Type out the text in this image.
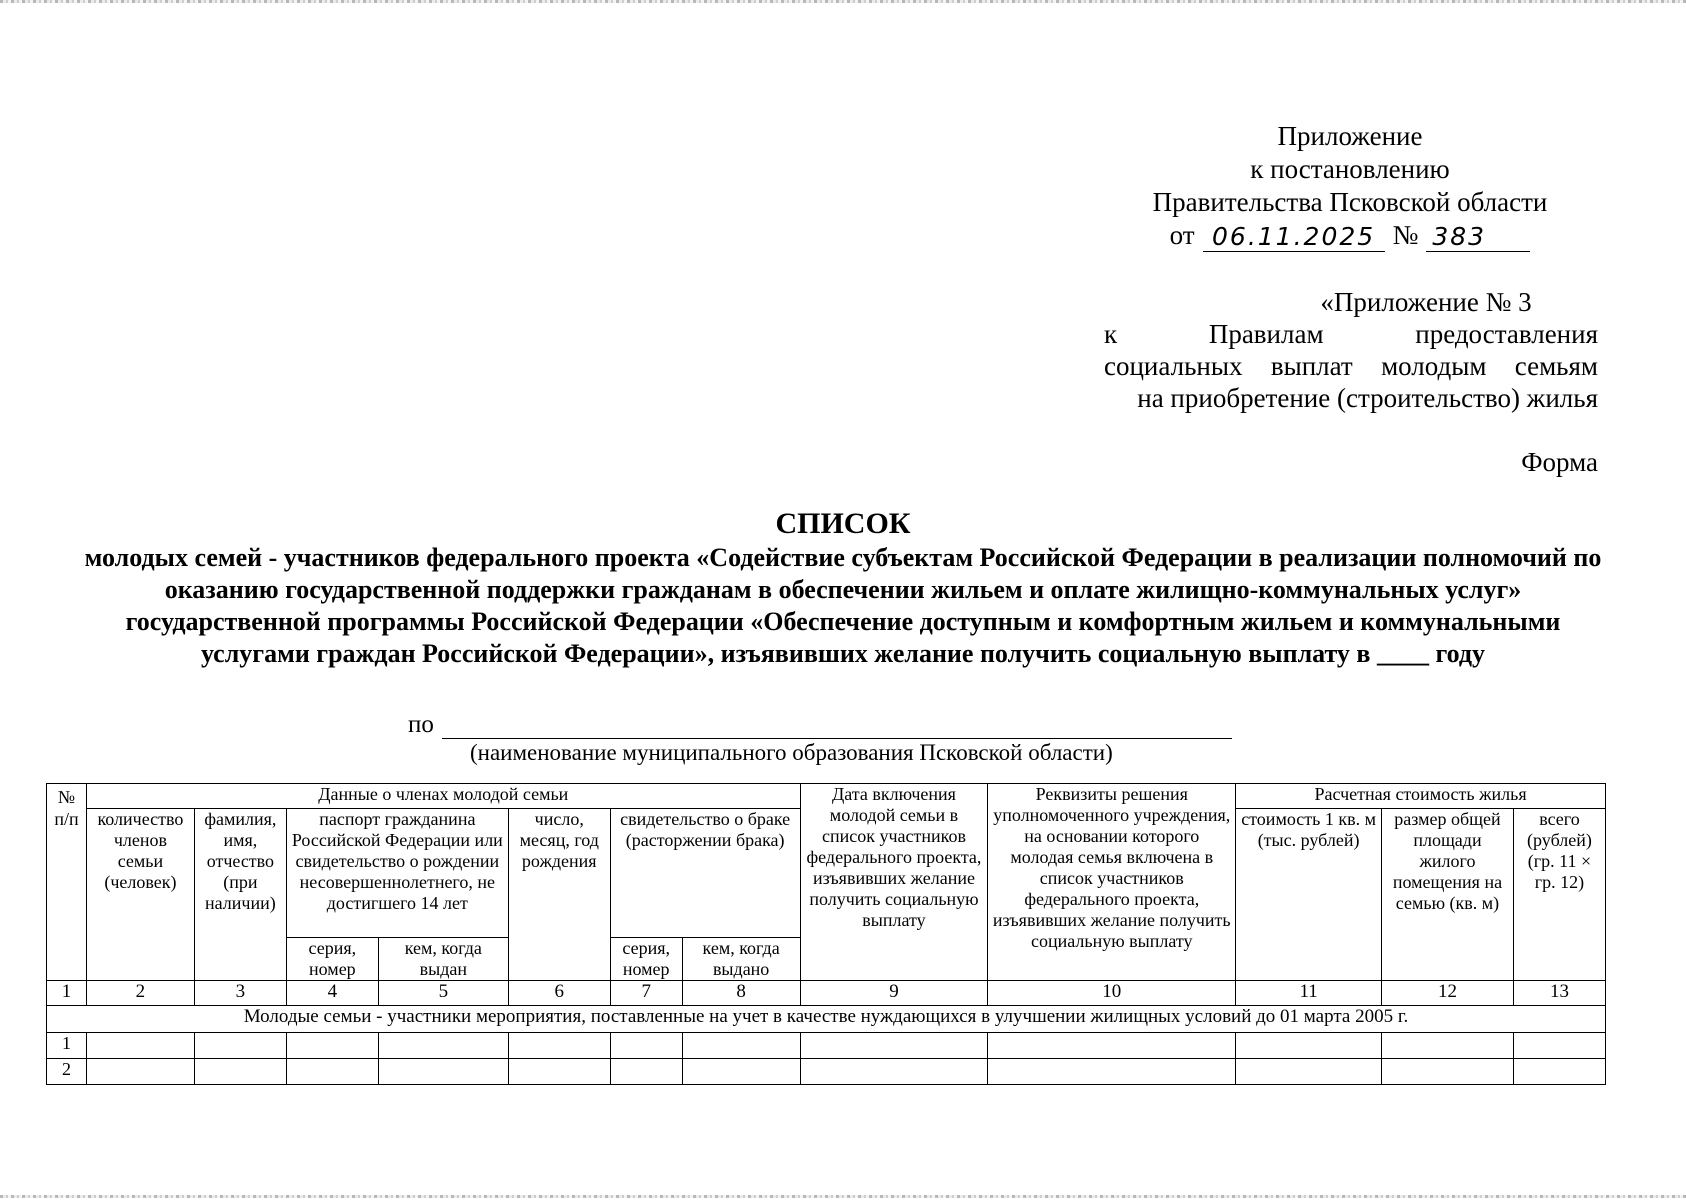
Приложение
к постановлению
Правительства Псковской области
от 06.11.2025 № 383
«Приложение № 3
к Правилам предоставления
социальных выплат молодым семьям
на приобретение (строительство) жилья
Форма
СПИСОК
молодых семей - участников федерального проекта «Содействие субъектам Российской Федерации в реализации полномочий по оказанию государственной поддержки гражданам в обеспечении жильем и оплате жилищно-коммунальных услуг» государственной программы Российской Федерации «Обеспечение доступным и комфортным жильем и коммунальными услугами граждан Российской Федерации», изъявивших желание получить социальную выплату в ____ году
по
(наименование муниципального образования Псковской области)
№ п/п	Данные о членах молодой семьи							Дата включения молодой семьи в список участников федерального проекта, изъявивших желание получить социальную выплату	Реквизиты решения уполномоченного учреждения, на основании которого молодая семья включена в список участников федерального проекта, изъявивших желание получить социальную выплату	Расчетная стоимость жилья		
	количество членов семьи (человек)	фамилия, имя, отчество (при наличии)	паспорт гражданина Российской Федерации или свидетельство о рождении несовершеннолетнего, не достигшего 14 лет		число, месяц, год рождения	свидетельство о браке (расторжении брака)				стоимость 1 кв. м (тыс. рублей)	размер общей площади жилого помещения на семью (кв. м)	всего (рублей) (гр. 11 × гр. 12)
			серия, номер	кем, когда выдан		серия, номер	кем, когда выдано					
1	2	3	4	5	6	7	8	9	10	11	12	13
Молодые семьи - участники мероприятия, поставленные на учет в качестве нуждающихся в улучшении жилищных условий до 01 марта 2005 г.												
1												
2												
